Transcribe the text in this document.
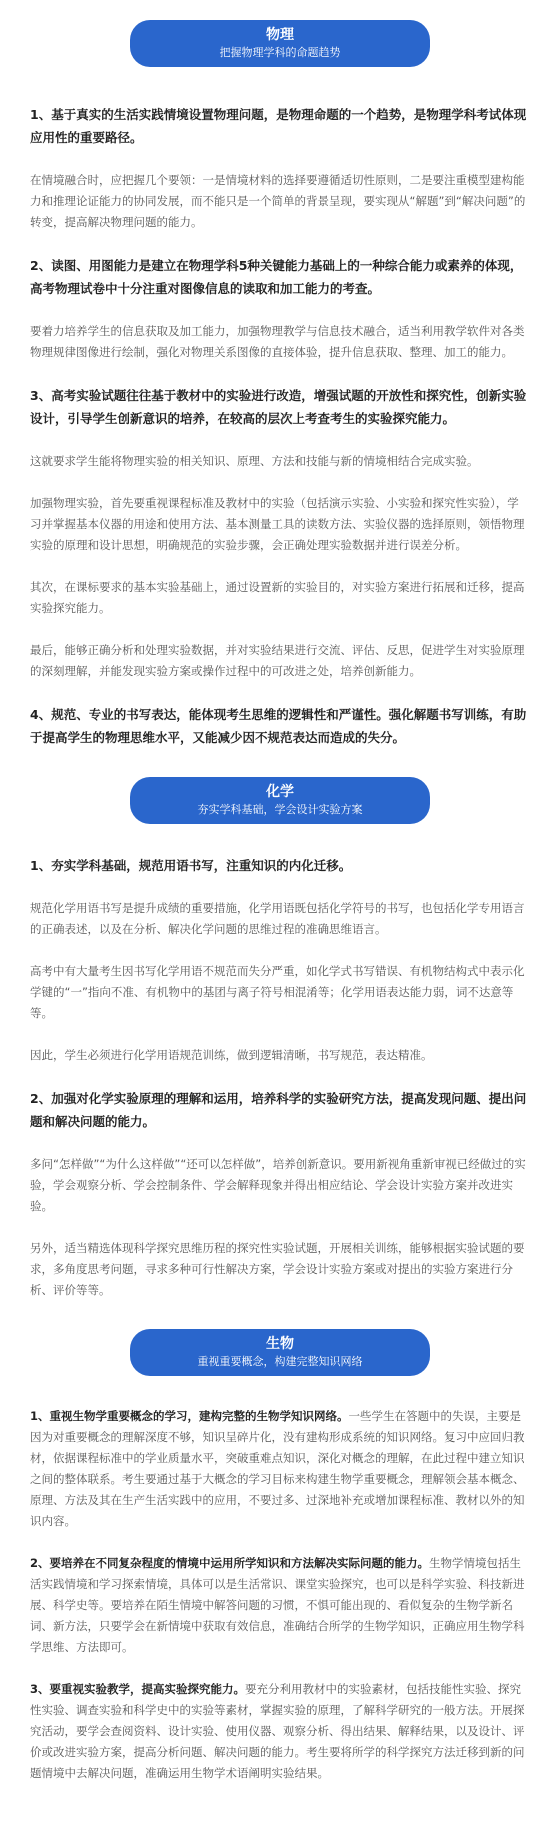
物理
把握物理学科的命题趋势

1、基于真实的生活实践情境设置物理问题，是物理命题的一个趋势，是物理学科考试体现应用性的重要路径。

在情境融合时，应把握几个要领：一是情境材料的选择要遵循适切性原则，二是要注重模型建构能力和推理论证能力的协同发展，而不能只是一个简单的背景呈现，要实现从“解题”到“解决问题”的转变，提高解决物理问题的能力。

2、读图、用图能力是建立在物理学科5种关键能力基础上的一种综合能力或素养的体现，高考物理试卷中十分注重对图像信息的读取和加工能力的考查。

要着力培养学生的信息获取及加工能力，加强物理教学与信息技术融合，适当利用教学软件对各类物理规律图像进行绘制，强化对物理关系图像的直接体验，提升信息获取、整理、加工的能力。

3、高考实验试题往往基于教材中的实验进行改造，增强试题的开放性和探究性，创新实验设计，引导学生创新意识的培养，在较高的层次上考查考生的实验探究能力。

这就要求学生能将物理实验的相关知识、原理、方法和技能与新的情境相结合完成实验。

加强物理实验，首先要重视课程标准及教材中的实验（包括演示实验、小实验和探究性实验），学习并掌握基本仪器的用途和使用方法、基本测量工具的读数方法、实验仪器的选择原则，领悟物理实验的原理和设计思想，明确规范的实验步骤，会正确处理实验数据并进行误差分析。

其次，在课标要求的基本实验基础上，通过设置新的实验目的，对实验方案进行拓展和迁移，提高实验探究能力。

最后，能够正确分析和处理实验数据，并对实验结果进行交流、评估、反思，促进学生对实验原理的深刻理解，并能发现实验方案或操作过程中的可改进之处，培养创新能力。

4、规范、专业的书写表达，能体现考生思维的逻辑性和严谨性。强化解题书写训练，有助于提高学生的物理思维水平，又能减少因不规范表达而造成的失分。

化学
夯实学科基础，学会设计实验方案

1、夯实学科基础，规范用语书写，注重知识的内化迁移。

规范化学用语书写是提升成绩的重要措施，化学用语既包括化学符号的书写，也包括化学专用语言的正确表述，以及在分析、解决化学问题的思维过程的准确思维语言。

高考中有大量考生因书写化学用语不规范而失分严重，如化学式书写错误、有机物结构式中表示化学键的“一”指向不准、有机物中的基团与离子符号相混淆等；化学用语表达能力弱，词不达意等等。

因此，学生必须进行化学用语规范训练，做到逻辑清晰，书写规范，表达精准。

2、加强对化学实验原理的理解和运用，培养科学的实验研究方法，提高发现问题、提出问题和解决问题的能力。

多问“怎样做”“为什么这样做”“还可以怎样做”，培养创新意识。要用新视角重新审视已经做过的实验，学会观察分析、学会控制条件、学会解释现象并得出相应结论、学会设计实验方案并改进实验。

另外，适当精选体现科学探究思维历程的探究性实验试题，开展相关训练，能够根据实验试题的要求，多角度思考问题，寻求多种可行性解决方案，学会设计实验方案或对提出的实验方案进行分析、评价等等。

生物
重视重要概念，构建完整知识网络

1、重视生物学重要概念的学习，建构完整的生物学知识网络。一些学生在答题中的失误，主要是因为对重要概念的理解深度不够，知识呈碎片化，没有建构形成系统的知识网络。复习中应回归教材，依据课程标准中的学业质量水平，突破重难点知识，深化对概念的理解，在此过程中建立知识之间的整体联系。考生要通过基于大概念的学习目标来构建生物学重要概念，理解领会基本概念、原理、方法及其在生产生活实践中的应用，不要过多、过深地补充或增加课程标准、教材以外的知识内容。

2、要培养在不同复杂程度的情境中运用所学知识和方法解决实际问题的能力。生物学情境包括生活实践情境和学习探索情境，具体可以是生活常识、课堂实验探究，也可以是科学实验、科技新进展、科学史等。要培养在陌生情境中解答问题的习惯，不惧可能出现的、看似复杂的生物学新名词、新方法，只要学会在新情境中获取有效信息，准确结合所学的生物学知识，正确应用生物学科学思维、方法即可。

3、要重视实验教学，提高实验探究能力。要充分利用教材中的实验素材，包括技能性实验、探究性实验、调查实验和科学史中的实验等素材，掌握实验的原理，了解科学研究的一般方法。开展探究活动，要学会查阅资料、设计实验、使用仪器、观察分析、得出结果、解释结果，以及设计、评价或改进实验方案，提高分析问题、解决问题的能力。考生要将所学的科学探究方法迁移到新的问题情境中去解决问题，准确运用生物学术语阐明实验结果。
